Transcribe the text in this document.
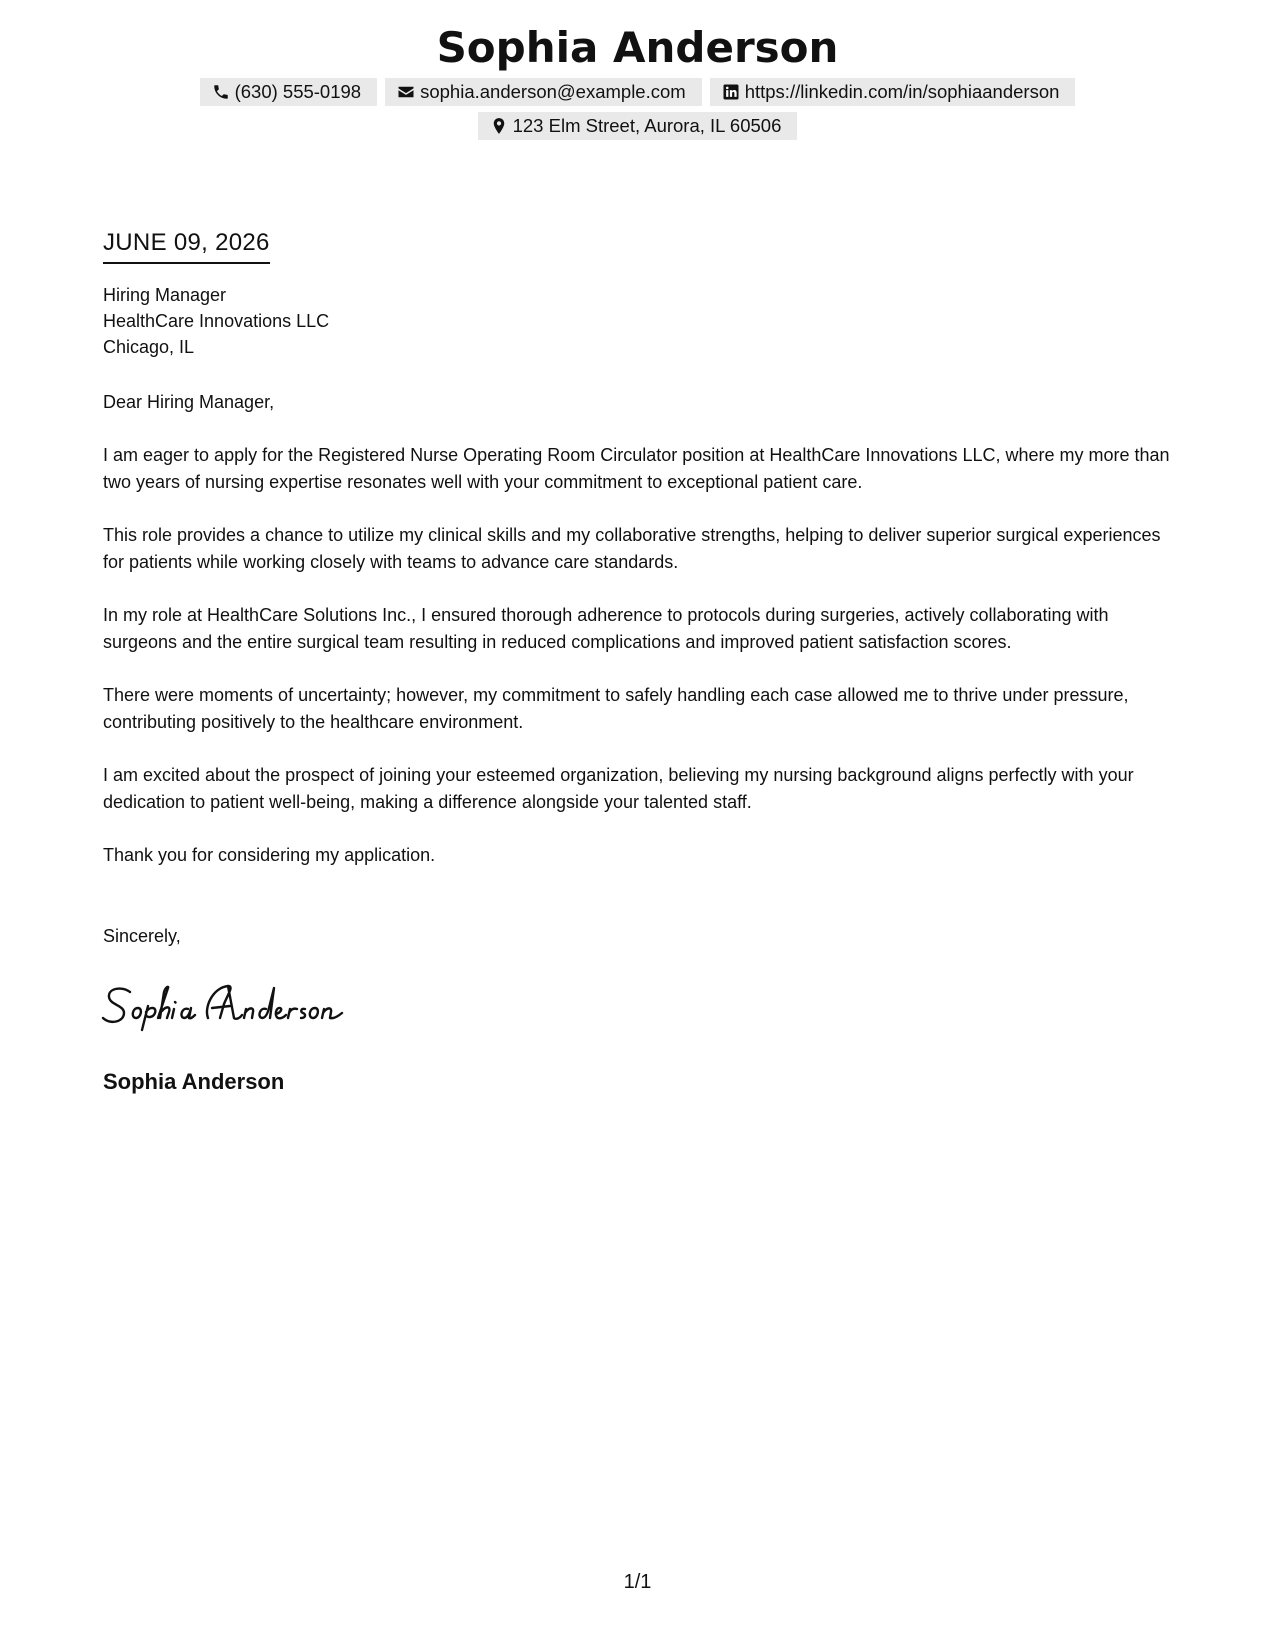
Sophia Anderson
(630) 555-0198	sophia.anderson@example.com	https://linkedin.com/in/sophiaanderson
123 Elm Street, Aurora, IL 60506
JUNE 09, 2026
Hiring Manager
HealthCare Innovations LLC
Chicago, IL
Dear Hiring Manager,
I am eager to apply for the Registered Nurse Operating Room Circulator position at HealthCare Innovations LLC, where my more than two years of nursing expertise resonates well with your commitment to exceptional patient care.
This role provides a chance to utilize my clinical skills and my collaborative strengths, helping to deliver superior surgical experiences for patients while working closely with teams to advance care standards.
In my role at HealthCare Solutions Inc., I ensured thorough adherence to protocols during surgeries, actively collaborating with surgeons and the entire surgical team resulting in reduced complications and improved patient satisfaction scores.
There were moments of uncertainty; however, my commitment to safely handling each case allowed me to thrive under pressure, contributing positively to the healthcare environment.
I am excited about the prospect of joining your esteemed organization, believing my nursing background aligns perfectly with your dedication to patient well-being, making a difference alongside your talented staff.
Thank you for considering my application.
Sincerely,
Sophia Anderson
1/1
